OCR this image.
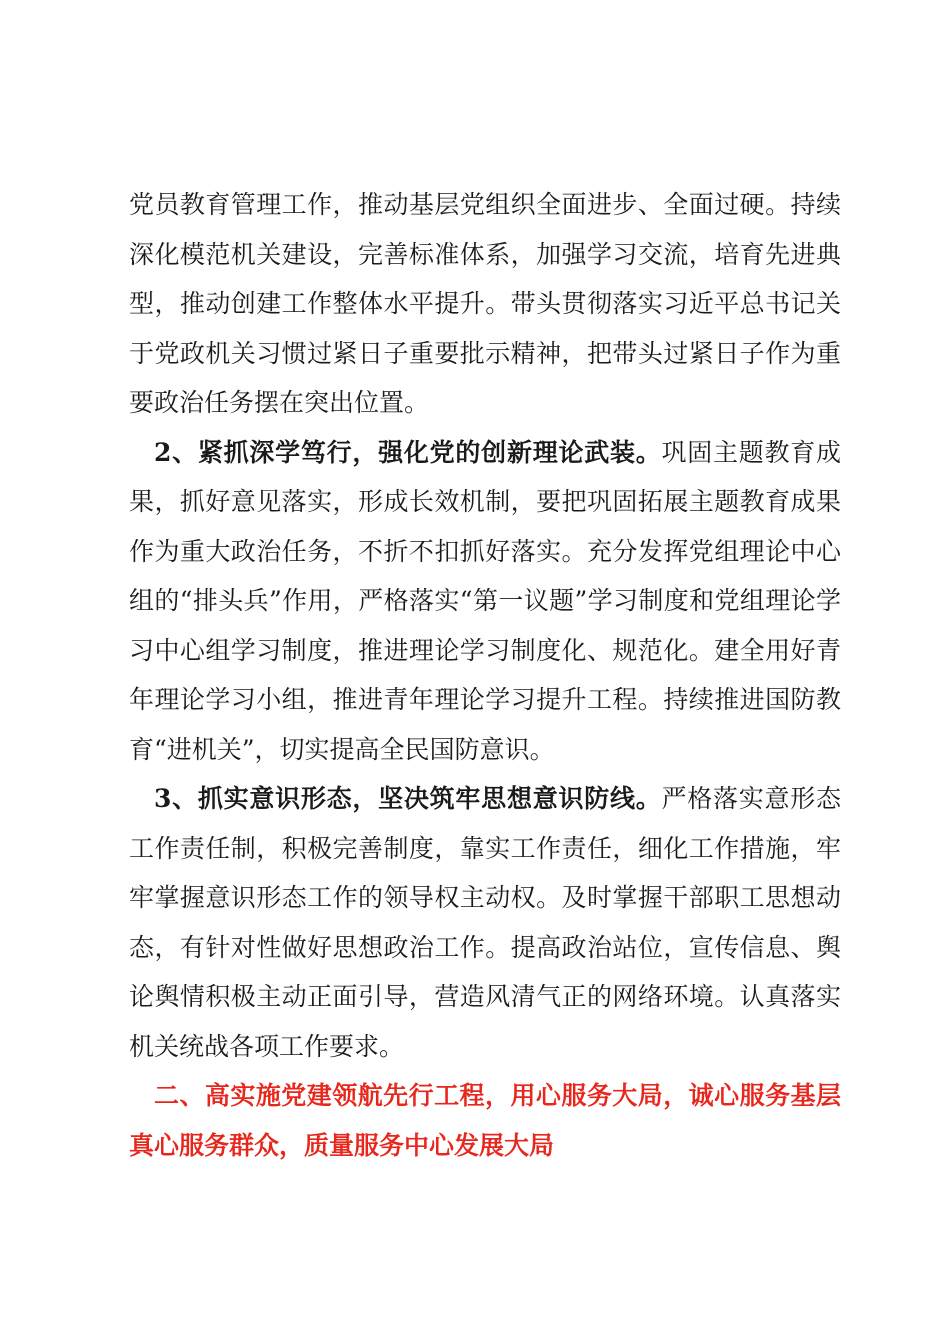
党员教育管理工作，推动基层党组织全面进步、全面过硬。持续深化模范机关建设，完善标准体系，加强学习交流，培育先进典型，推动创建工作整体水平提升。带头贯彻落实习近平总书记关于党政机关习惯过紧日子重要批示精神，把带头过紧日子作为重要政治任务摆在突出位置。

2、紧抓深学笃行，强化党的创新理论武装。巩固主题教育成果，抓好意见落实，形成长效机制，要把巩固拓展主题教育成果作为重大政治任务，不折不扣抓好落实。充分发挥党组理论中心组的“排头兵”作用，严格落实“第一议题”学习制度和党组理论学习中心组学习制度，推进理论学习制度化、规范化。建全用好青年理论学习小组，推进青年理论学习提升工程。持续推进国防教育“进机关”，切实提高全民国防意识。

3、抓实意识形态，坚决筑牢思想意识防线。严格落实意形态工作责任制，积极完善制度，靠实工作责任，细化工作措施，牢牢掌握意识形态工作的领导权主动权。及时掌握干部职工思想动态，有针对性做好思想政治工作。提高政治站位，宣传信息、舆论舆情积极主动正面引导，营造风清气正的网络环境。认真落实机关统战各项工作要求。

二、高实施党建领航先行工程，用心服务大局，诚心服务基层真心服务群众，质量服务中心发展大局
